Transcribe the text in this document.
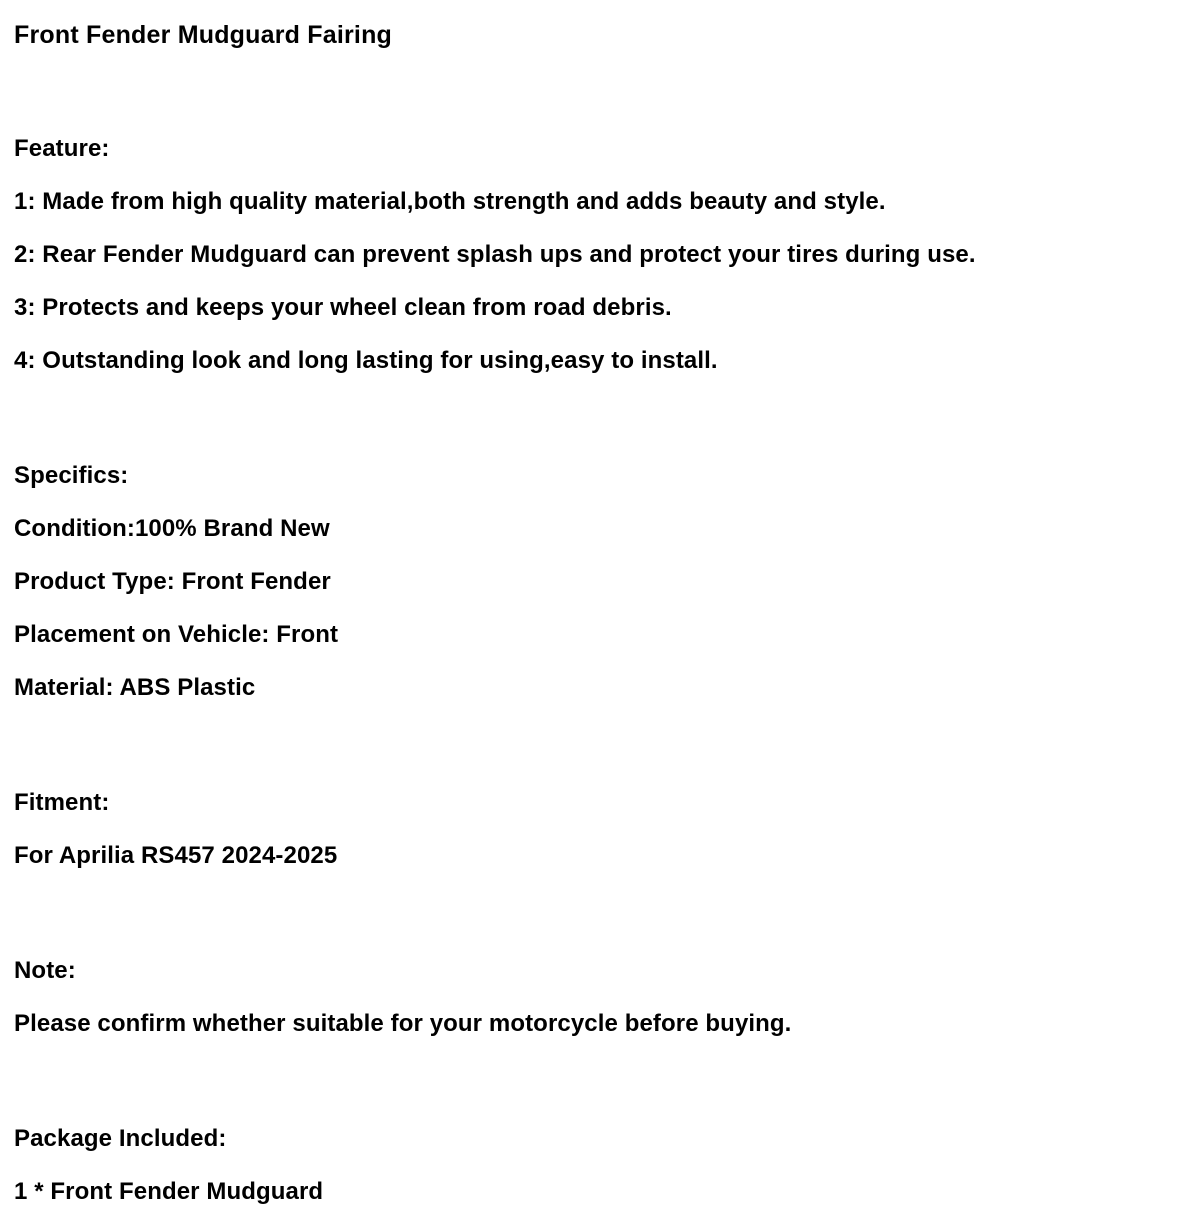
Front Fender Mudguard Fairing
Feature:
1: Made from high quality material,both strength and adds beauty and style.
2: Rear Fender Mudguard can prevent splash ups and protect your tires during use.
3: Protects and keeps your wheel clean from road debris.
4: Outstanding look and long lasting for using,easy to install.
Specifics:
Condition:100% Brand New
Product Type: Front Fender
Placement on Vehicle: Front
Material: ABS Plastic
Fitment:
For Aprilia RS457 2024-2025
Note:
Please confirm whether suitable for your motorcycle before buying.
Package Included:
1 * Front Fender Mudguard
